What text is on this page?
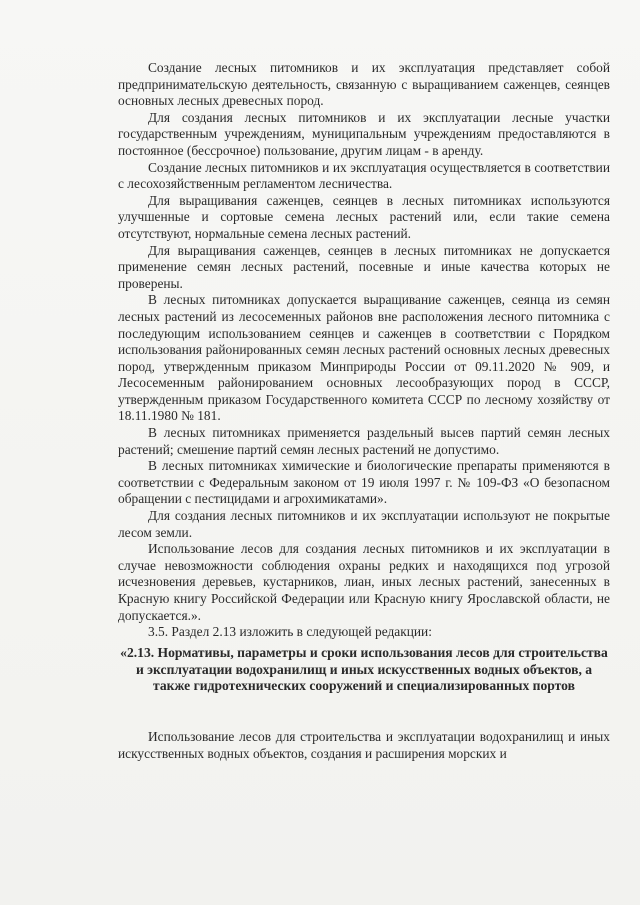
Создание лесных питомников и их эксплуатация представляет собой предпринимательскую деятельность, связанную с выращиванием саженцев, сеянцев основных лесных древесных пород.

Для создания лесных питомников и их эксплуатации лесные участки государственным учреждениям, муниципальным учреждениям предоставляются в постоянное (бессрочное) пользование, другим лицам - в аренду.

Создание лесных питомников и их эксплуатация осуществляется в соответствии с лесохозяйственным регламентом лесничества.

Для выращивания саженцев, сеянцев в лесных питомниках используются улучшенные и сортовые семена лесных растений или, если такие семена отсутствуют, нормальные семена лесных растений.

Для выращивания саженцев, сеянцев в лесных питомниках не допускается применение семян лесных растений, посевные и иные качества которых не проверены.

В лесных питомниках допускается выращивание саженцев, сеянца из семян лесных растений из лесосеменных районов вне расположения лесного питомника с последующим использованием сеянцев и саженцев в соответствии с Порядком использования районированных семян лесных растений основных лесных древесных пород, утвержденным приказом Минприроды России от 09.11.2020 № 909, и Лесосеменным районированием основных лесообразующих пород в СССР, утвержденным приказом Государственного комитета СССР по лесному хозяйству от 18.11.1980 № 181.

В лесных питомниках применяется раздельный высев партий семян лесных растений; смешение партий семян лесных растений не допустимо.

В лесных питомниках химические и биологические препараты применяются в соответствии с Федеральным законом от 19 июля 1997 г. № 109-ФЗ «О безопасном обращении с пестицидами и агрохимикатами».

Для создания лесных питомников и их эксплуатации используют не покрытые лесом земли.

Использование лесов для создания лесных питомников и их эксплуатации в случае невозможности соблюдения охраны редких и находящихся под угрозой исчезновения деревьев, кустарников, лиан, иных лесных растений, занесенных в Красную книгу Российской Федерации или Красную книгу Ярославской области, не допускается.».

3.5. Раздел 2.13 изложить в следующей редакции:

«2.13. Нормативы, параметры и сроки использования лесов для строительства и эксплуатации водохранилищ и иных искусственных водных объектов, а также гидротехнических сооружений и специализированных портов

Использование лесов для строительства и эксплуатации водохранилищ и иных искусственных водных объектов, создания и расширения морских и
